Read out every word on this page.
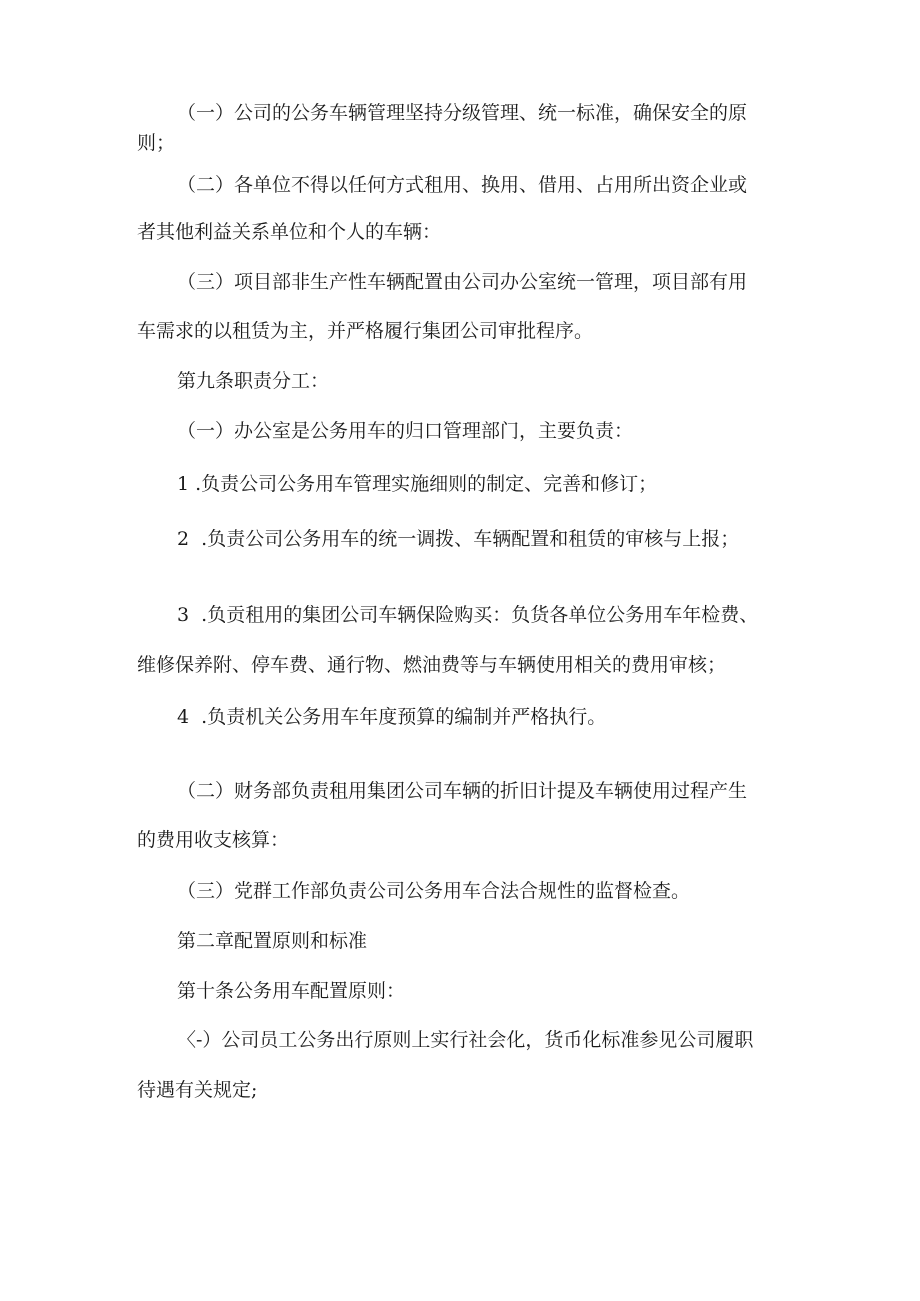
（一）公司的公务车辆管理坚持分级管理、统一标准，确保安全的原
则；
（二）各单位不得以任何方式租用、换用、借用、占用所出资企业或
者其他利益关系单位和个人的车辆：
（三）项目部非生产性车辆配置由公司办公室统一管理，项目部有用
车需求的以租赁为主，并严格履行集团公司审批程序。
第九条职责分工：
（一）办公室是公务用车的归口管理部门，主要负责：
1 .负责公司公务用车管理实施细则的制定、完善和修订；
2  .负责公司公务用车的统一调拨、车辆配置和租赁的审核与上报；
3  .负贡租用的集团公司车辆保险购买：负货各单位公务用车年检费、
维修保养附、停车费、通行物、燃油费等与车辆使用相关的费用审核；
4  .负责机关公务用车年度预算的编制并严格执行。
（二）财务部负责租用集团公司车辆的折旧计提及车辆使用过程产生
的费用收支核算：
（三）党群工作部负责公司公务用车合法合规性的监督检查。
第二章配置原则和标准
第十条公务用车配置原则：
〈-）公司员工公务出行原则上实行社会化，货币化标准参见公司履职
待遇有关规定;
